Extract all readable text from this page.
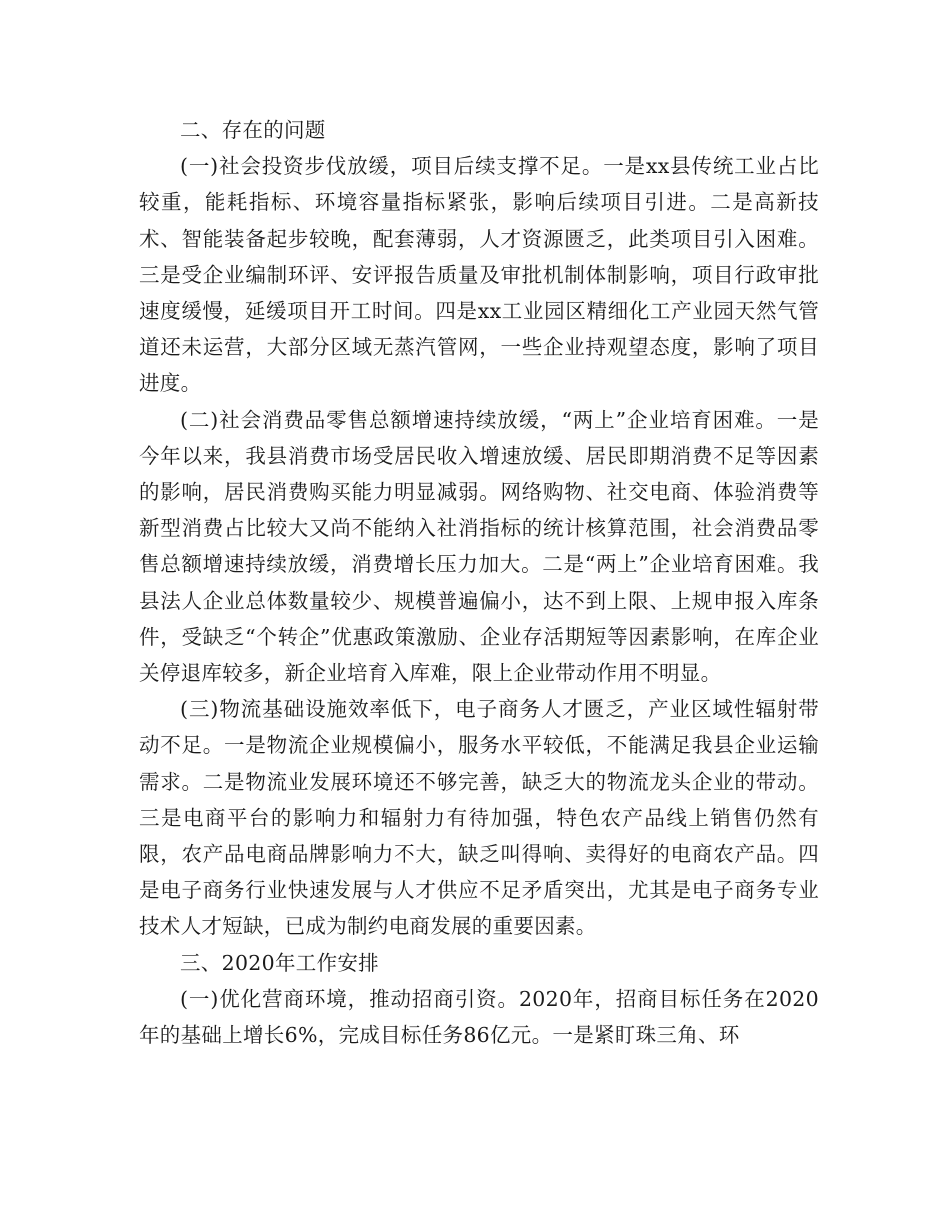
二、存在的问题

(一)社会投资步伐放缓，项目后续支撑不足。一是xx县传统工业占比较重，能耗指标、环境容量指标紧张，影响后续项目引进。二是高新技术、智能装备起步较晚，配套薄弱，人才资源匮乏，此类项目引入困难。三是受企业编制环评、安评报告质量及审批机制体制影响，项目行政审批速度缓慢，延缓项目开工时间。四是xx工业园区精细化工产业园天然气管道还未运营，大部分区域无蒸汽管网，一些企业持观望态度，影响了项目进度。

(二)社会消费品零售总额增速持续放缓，“两上”企业培育困难。一是今年以来，我县消费市场受居民收入增速放缓、居民即期消费不足等因素的影响，居民消费购买能力明显减弱。网络购物、社交电商、体验消费等新型消费占比较大又尚不能纳入社消指标的统计核算范围，社会消费品零售总额增速持续放缓，消费增长压力加大。二是“两上”企业培育困难。我县法人企业总体数量较少、规模普遍偏小，达不到上限、上规申报入库条件，受缺乏“个转企”优惠政策激励、企业存活期短等因素影响，在库企业关停退库较多，新企业培育入库难，限上企业带动作用不明显。

(三)物流基础设施效率低下，电子商务人才匮乏，产业区域性辐射带动不足。一是物流企业规模偏小，服务水平较低，不能满足我县企业运输需求。二是物流业发展环境还不够完善，缺乏大的物流龙头企业的带动。三是电商平台的影响力和辐射力有待加强，特色农产品线上销售仍然有限，农产品电商品牌影响力不大，缺乏叫得响、卖得好的电商农产品。四是电子商务行业快速发展与人才供应不足矛盾突出，尤其是电子商务专业技术人才短缺，已成为制约电商发展的重要因素。

三、2020年工作安排

(一)优化营商环境，推动招商引资。2020年，招商目标任务在2020年的基础上增长6%，完成目标任务86亿元。一是紧盯珠三角、环
